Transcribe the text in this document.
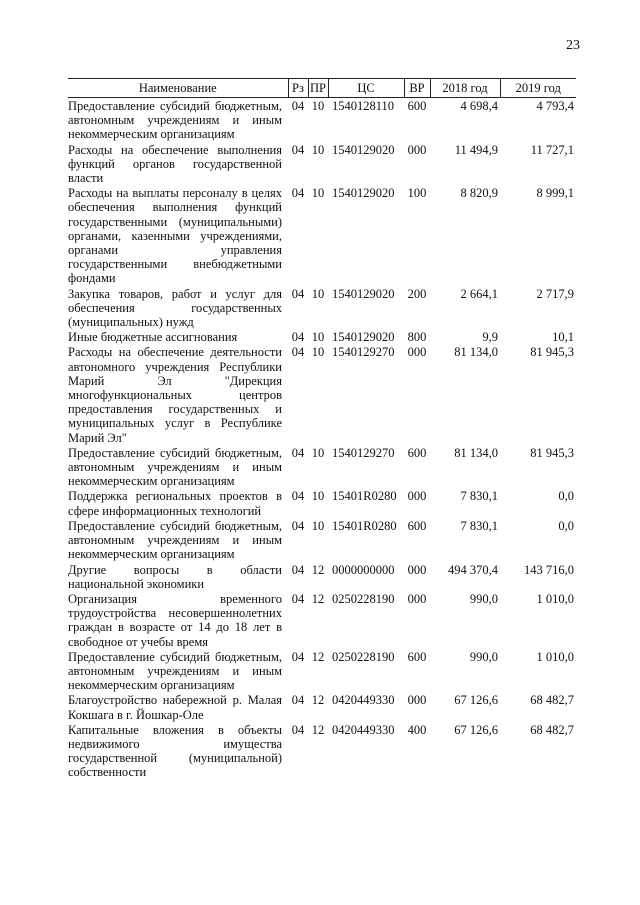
23
Наименование	Рз	ПР	ЦС	ВР	2018 год	2019 год
Предоставление субсидий бюджетным, автономным учреждениям и иным некоммерческим организациям	04	10	1540128110	600	4 698,4	4 793,4
Расходы на обеспечение выполнения функций органов государственной власти	04	10	1540129020	000	11 494,9	11 727,1
Расходы на выплаты персоналу в целях обеспечения выполнения функций государственными (муниципальными) органами, казенными учреждениями, органами управления государственными внебюджетными фондами	04	10	1540129020	100	8 820,9	8 999,1
Закупка товаров, работ и услуг для обеспечения государственных (муниципальных) нужд	04	10	1540129020	200	2 664,1	2 717,9
Иные бюджетные ассигнования	04	10	1540129020	800	9,9	10,1
Расходы на обеспечение деятельности автономного учреждения Республики Марий Эл "Дирекция многофункциональных центров предоставления государственных и муниципальных услуг в Республике Марий Эл"	04	10	1540129270	000	81 134,0	81 945,3
Предоставление субсидий бюджетным, автономным учреждениям и иным некоммерческим организациям	04	10	1540129270	600	81 134,0	81 945,3
Поддержка региональных проектов в сфере информационных технологий	04	10	15401R0280	000	7 830,1	0,0
Предоставление субсидий бюджетным, автономным учреждениям и иным некоммерческим организациям	04	10	15401R0280	600	7 830,1	0,0
Другие вопросы в области национальной экономики	04	12	0000000000	000	494 370,4	143 716,0
Организация временного трудоустройства несовершеннолетних граждан в возрасте от 14 до 18 лет в свободное от учебы время	04	12	0250228190	000	990,0	1 010,0
Предоставление субсидий бюджетным, автономным учреждениям и иным некоммерческим организациям	04	12	0250228190	600	990,0	1 010,0
Благоустройство набережной р. Малая Кокшага в г. Йошкар-Оле	04	12	0420449330	000	67 126,6	68 482,7
Капитальные вложения в объекты недвижимого имущества государственной (муниципальной) собственности	04	12	0420449330	400	67 126,6	68 482,7
